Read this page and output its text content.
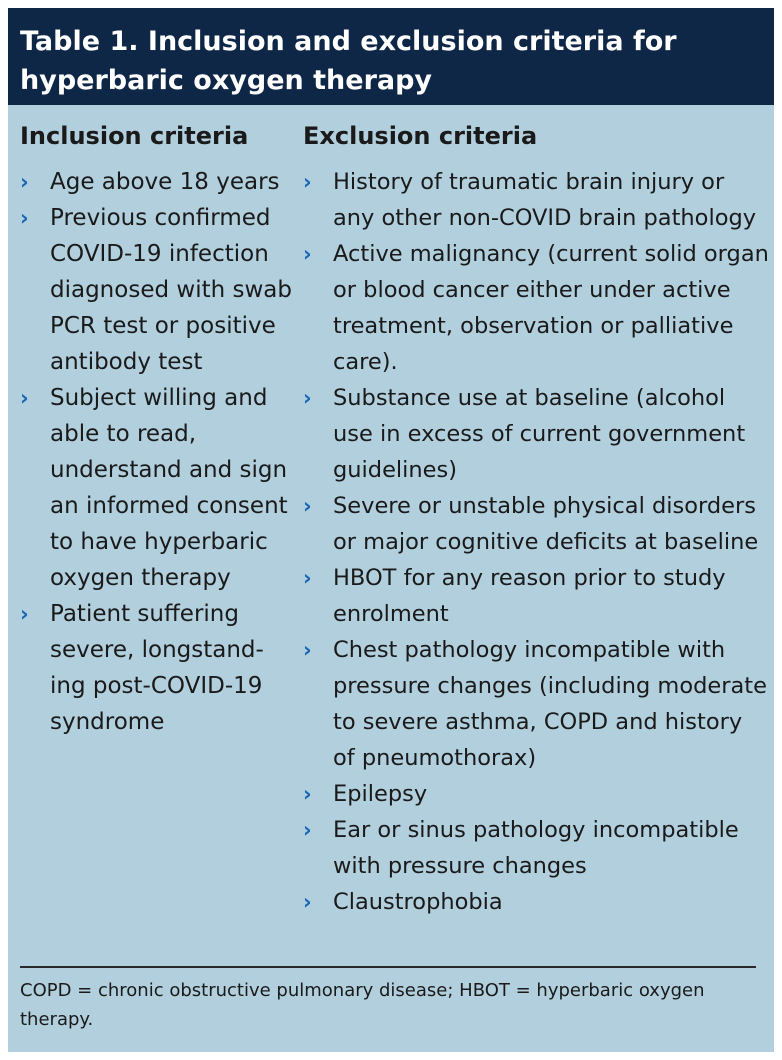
Table 1. Inclusion and exclusion criteria for hyperbaric oxygen therapy
Inclusion criteria
› Age above 18 years
› Previous confirmed COVID-19 infection diagnosed with swab PCR test or positive antibody test
› Subject willing and able to read, understand and sign an informed consent to have hyperbaric oxygen therapy
› Patient suffering severe, longstand-ing post-COVID-19 syndrome
Exclusion criteria
› History of traumatic brain injury or any other non-COVID brain pathology
› Active malignancy (current solid organ or blood cancer either under active treatment, observation or palliative care).
› Substance use at baseline (alcohol use in excess of current government guidelines)
› Severe or unstable physical disorders or major cognitive deficits at baseline
› HBOT for any reason prior to study enrolment
› Chest pathology incompatible with pressure changes (including moderate to severe asthma, COPD and history of pneumothorax)
› Epilepsy
› Ear or sinus pathology incompatible with pressure changes
› Claustrophobia
COPD = chronic obstructive pulmonary disease; HBOT = hyperbaric oxygen therapy.
